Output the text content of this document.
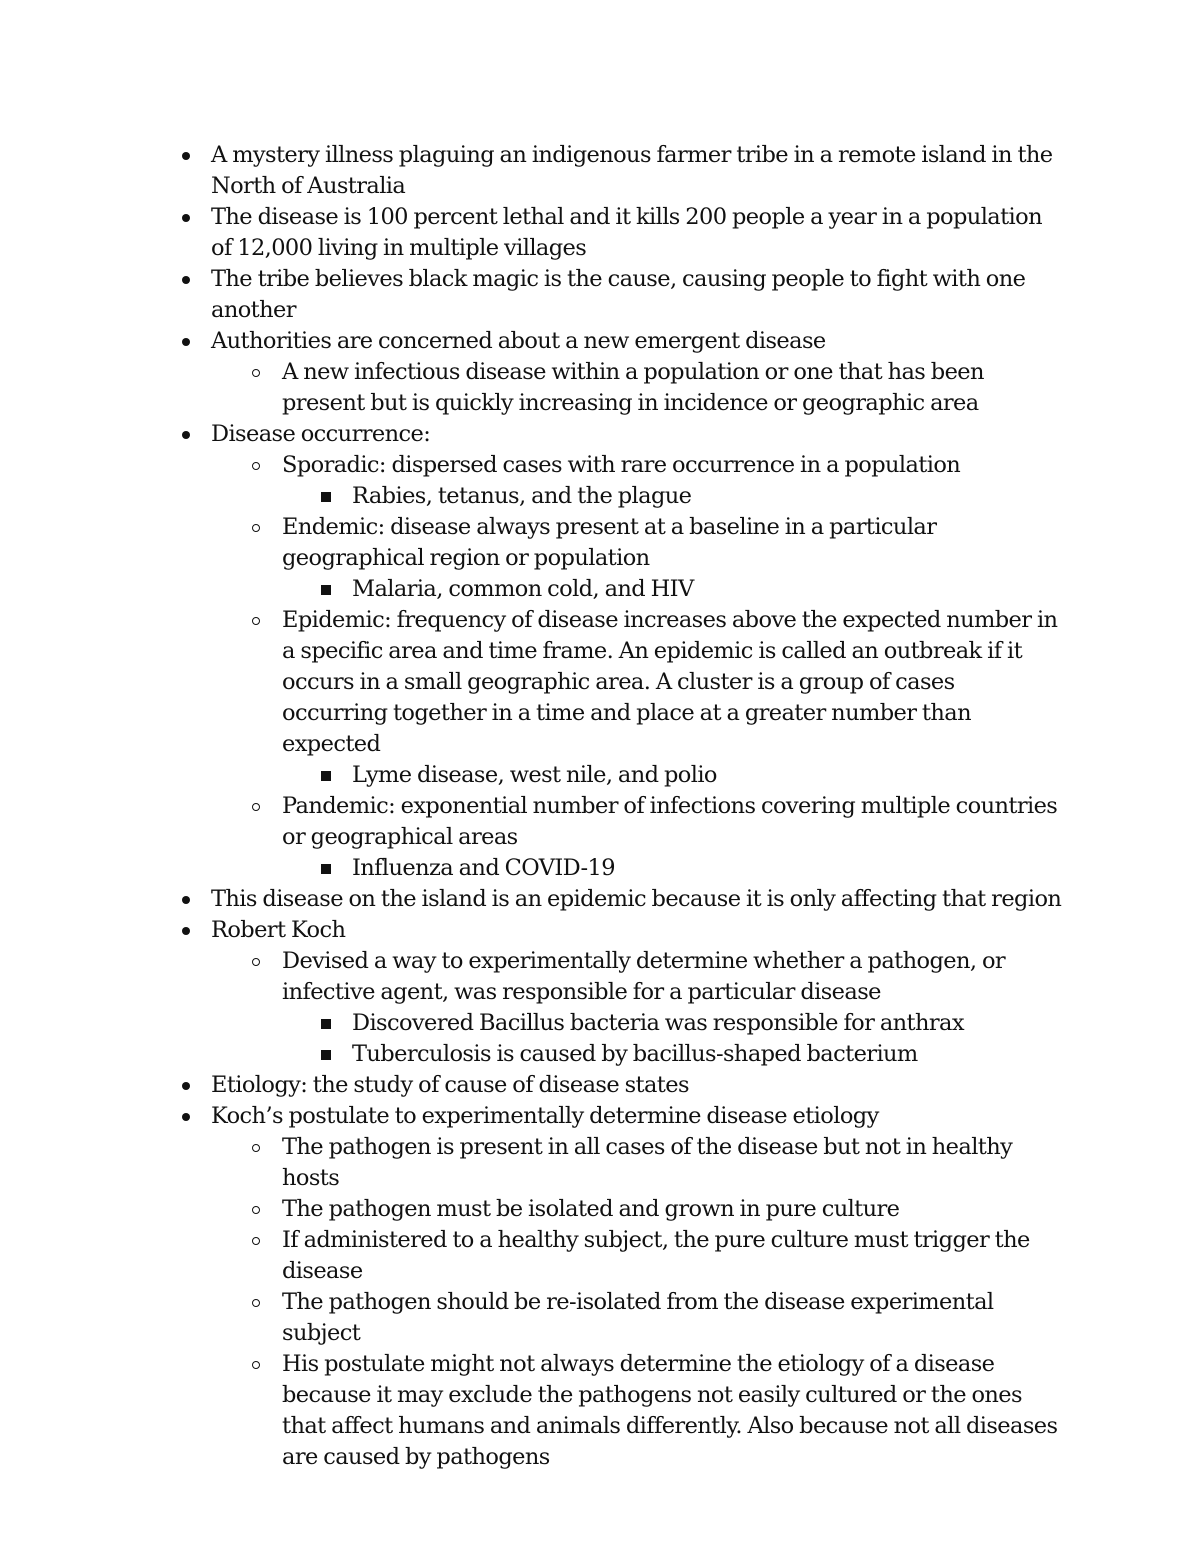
A mystery illness plaguing an indigenous farmer tribe in a remote island in the North of Australia
The disease is 100 percent lethal and it kills 200 people a year in a population of 12,000 living in multiple villages
The tribe believes black magic is the cause, causing people to fight with one another
Authorities are concerned about a new emergent disease
A new infectious disease within a population or one that has been present but is quickly increasing in incidence or geographic area
Disease occurrence:
Sporadic: dispersed cases with rare occurrence in a population
Rabies, tetanus, and the plague
Endemic: disease always present at a baseline in a particular geographical region or population
Malaria, common cold, and HIV
Epidemic: frequency of disease increases above the expected number in a specific area and time frame. An epidemic is called an outbreak if it occurs in a small geographic area. A cluster is a group of cases occurring together in a time and place at a greater number than expected
Lyme disease, west nile, and polio
Pandemic: exponential number of infections covering multiple countries or geographical areas
Influenza and COVID-19
This disease on the island is an epidemic because it is only affecting that region
Robert Koch
Devised a way to experimentally determine whether a pathogen, or infective agent, was responsible for a particular disease
Discovered Bacillus bacteria was responsible for anthrax
Tuberculosis is caused by bacillus-shaped bacterium
Etiology: the study of cause of disease states
Koch’s postulate to experimentally determine disease etiology
The pathogen is present in all cases of the disease but not in healthy hosts
The pathogen must be isolated and grown in pure culture
If administered to a healthy subject, the pure culture must trigger the disease
The pathogen should be re-isolated from the disease experimental subject
His postulate might not always determine the etiology of a disease because it may exclude the pathogens not easily cultured or the ones that affect humans and animals differently. Also because not all diseases are caused by pathogens
